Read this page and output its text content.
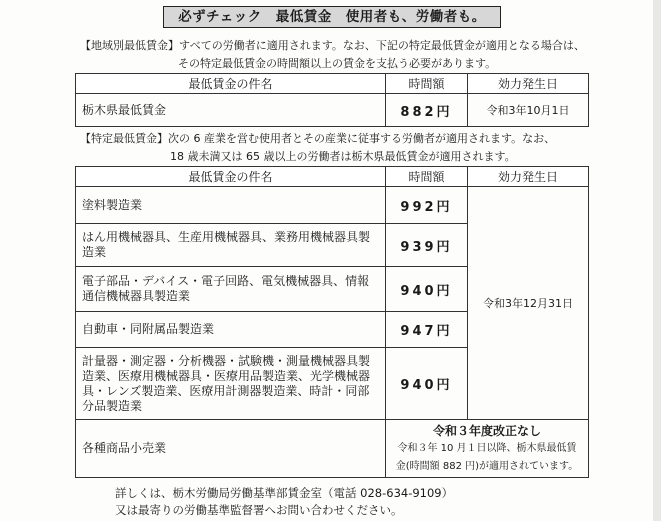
必ずチェック　最低賃金　使用者も、労働者も。
【地域別最低賃金】すべての労働者に適用されます。なお、下記の特定最低賃金が適用となる場合は、
その特定最低賃金の時間額以上の賃金を支払う必要があります。
最低賃金の件名	時間額	効力発生日
栃木県最低賃金	882円	令和3年10月1日
【特定最低賃金】次の 6 産業を営む使用者とその産業に従事する労働者が適用されます。なお、
18 歳未満又は 65 歳以上の労働者は栃木県最低賃金が適用されます。
最低賃金の件名	時間額	効力発生日
塗料製造業	992円	令和3年12月31日
はん用機械器具、生産用機械器具、業務用機械器具製造業	939円	
電子部品・デバイス・電子回路、電気機械器具、情報通信機械器具製造業	940円	
自動車・同附属品製造業	947円	
計量器・測定器・分析機器・試験機・測量機械器具製造業、医療用機械器具・医療用品製造業、光学機械器具・レンズ製造業、医療用計測器製造業、時計・同部分品製造業	940円	
各種商品小売業	令和３年度改正なし
令和３年 10 月１日以降、栃木県最低賃
金(時間額 882 円)が適用されています。	
詳しくは、栃木労働局労働基準部賃金室（電話 028-634-9109）
又は最寄りの労働基準監督署へお問い合わせください。
